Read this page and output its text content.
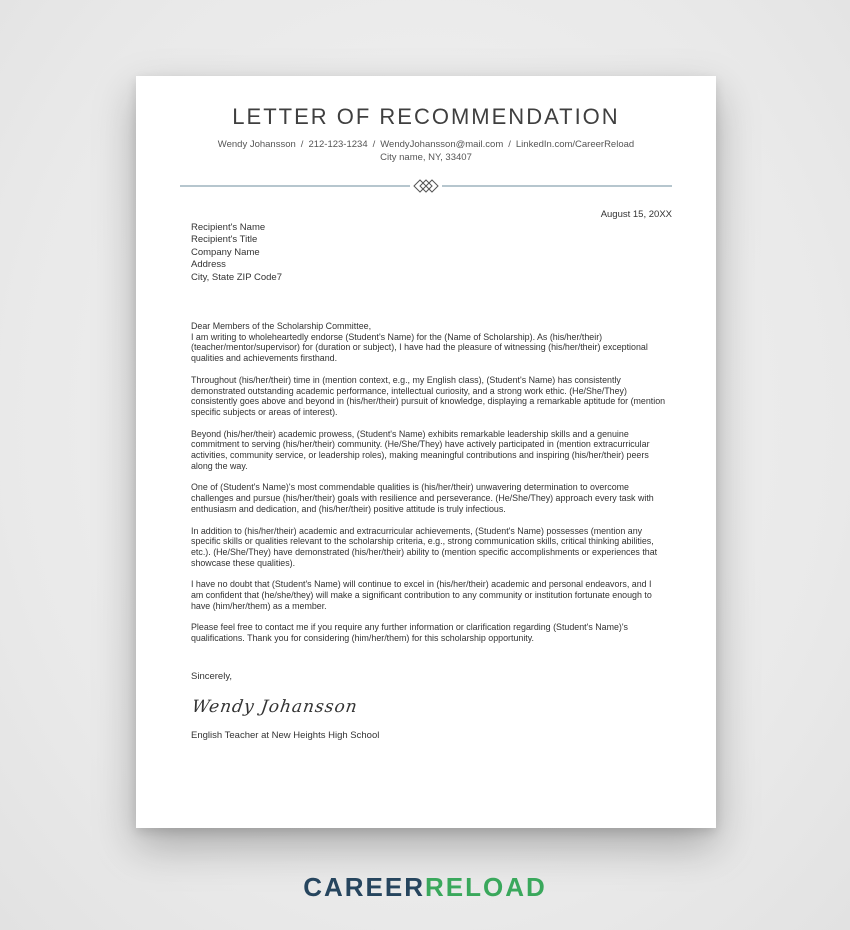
LETTER OF RECOMMENDATION
Wendy Johansson / 212-123-1234 / WendyJohansson@mail.com / LinkedIn.com/CareerReload
City name, NY, 33407
August 15, 20XX
Recipient's Name
Recipient's Title
Company Name
Address
City, State ZIP Code7

Dear Members of the Scholarship Committee,
I am writing to wholeheartedly endorse (Student's Name) for the (Name of Scholarship). As (his/her/their) (teacher/mentor/supervisor) for (duration or subject), I have had the pleasure of witnessing (his/her/their) exceptional qualities and achievements firsthand.

Throughout (his/her/their) time in (mention context, e.g., my English class), (Student's Name) has consistently demonstrated outstanding academic performance, intellectual curiosity, and a strong work ethic. (He/She/They) consistently goes above and beyond in (his/her/their) pursuit of knowledge, displaying a remarkable aptitude for (mention specific subjects or areas of interest).

Beyond (his/her/their) academic prowess, (Student's Name) exhibits remarkable leadership skills and a genuine commitment to serving (his/her/their) community. (He/She/They) have actively participated in (mention extracurricular activities, community service, or leadership roles), making meaningful contributions and inspiring (his/her/their) peers along the way.

One of (Student's Name)'s most commendable qualities is (his/her/their) unwavering determination to overcome challenges and pursue (his/her/their) goals with resilience and perseverance. (He/She/They) approach every task with enthusiasm and dedication, and (his/her/their) positive attitude is truly infectious.

In addition to (his/her/their) academic and extracurricular achievements, (Student's Name) possesses (mention any specific skills or qualities relevant to the scholarship criteria, e.g., strong communication skills, critical thinking abilities, etc.). (He/She/They) have demonstrated (his/her/their) ability to (mention specific accomplishments or experiences that showcase these qualities).

I have no doubt that (Student's Name) will continue to excel in (his/her/their) academic and personal endeavors, and I am confident that (he/she/they) will make a significant contribution to any community or institution fortunate enough to have (him/her/them) as a member.

Please feel free to contact me if you require any further information or clarification regarding (Student's Name)'s qualifications. Thank you for considering (him/her/them) for this scholarship opportunity.

Sincerely,
Wendy Johansson
English Teacher at New Heights High School
CAREERRELOAD
